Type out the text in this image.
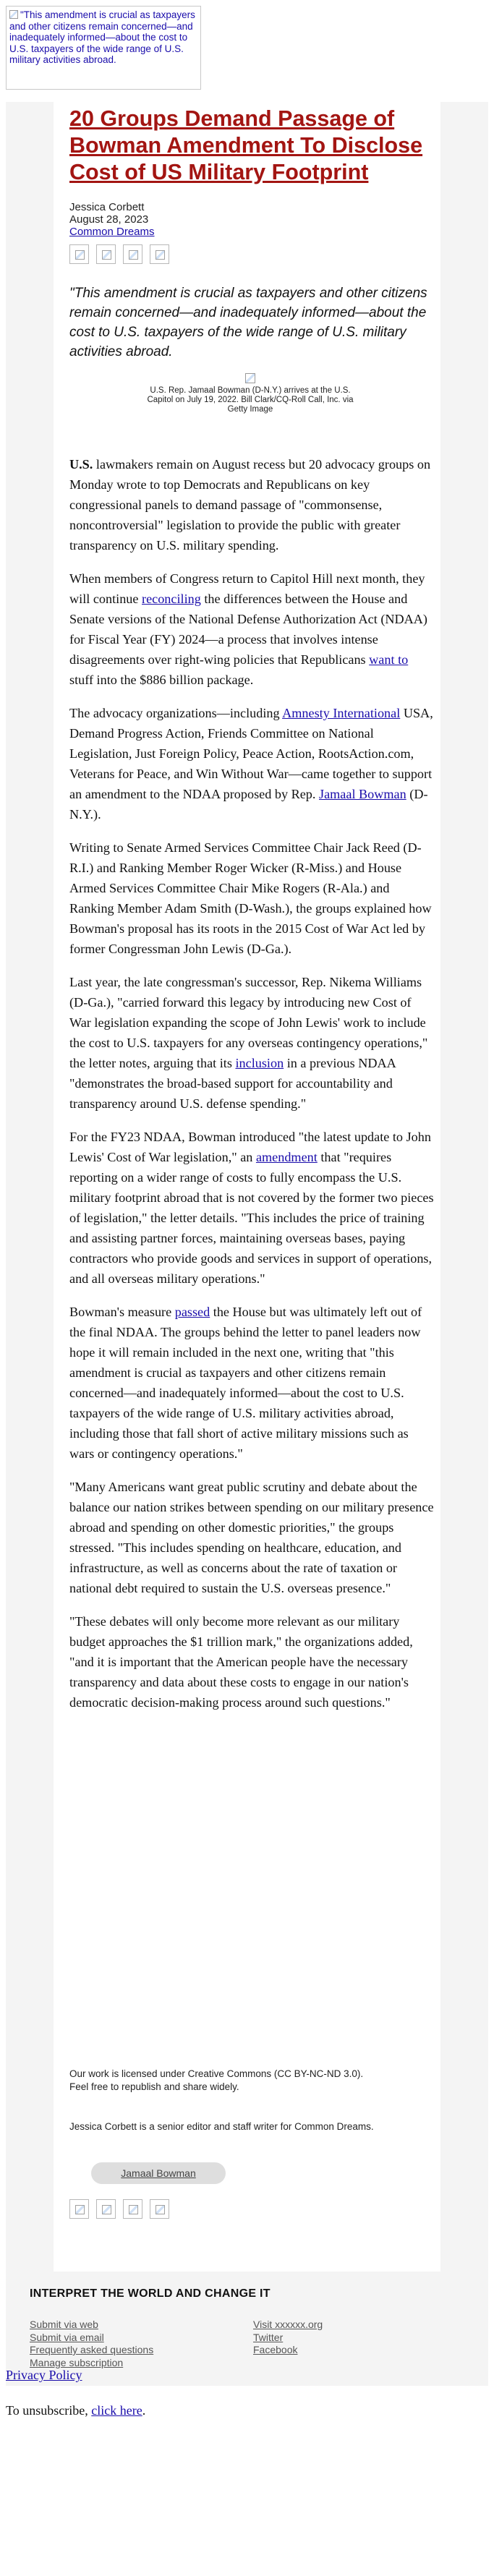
"This amendment is crucial as taxpayers and other citizens remain concerned—and inadequately informed—about the cost to U.S. taxpayers of the wide range of U.S. military activities abroad.
20 Groups Demand Passage of Bowman Amendment To Disclose Cost of US Military Footprint
Jessica Corbett
August 28, 2023
Common Dreams

"This amendment is crucial as taxpayers and other citizens remain concerned—and inadequately informed—about the cost to U.S. taxpayers of the wide range of U.S. military activities abroad.

U.S. Rep. Jamaal Bowman (D-N.Y.) arrives at the U.S. Capitol on July 19, 2022. Bill Clark/CQ-Roll Call, Inc. via Getty Image

U.S. lawmakers remain on August recess but 20 advocacy groups on Monday wrote to top Democrats and Republicans on key congressional panels to demand passage of "commonsense, noncontroversial" legislation to provide the public with greater transparency on U.S. military spending.

When members of Congress return to Capitol Hill next month, they will continue reconciling the differences between the House and Senate versions of the National Defense Authorization Act (NDAA) for Fiscal Year (FY) 2024—a process that involves intense disagreements over right-wing policies that Republicans want to stuff into the $886 billion package.

The advocacy organizations—including Amnesty International USA, Demand Progress Action, Friends Committee on National Legislation, Just Foreign Policy, Peace Action, RootsAction.com, Veterans for Peace, and Win Without War—came together to support an amendment to the NDAA proposed by Rep. Jamaal Bowman (D-N.Y.).

Writing to Senate Armed Services Committee Chair Jack Reed (D-R.I.) and Ranking Member Roger Wicker (R-Miss.) and House Armed Services Committee Chair Mike Rogers (R-Ala.) and Ranking Member Adam Smith (D-Wash.), the groups explained how Bowman's proposal has its roots in the 2015 Cost of War Act led by former Congressman John Lewis (D-Ga.).

Last year, the late congressman's successor, Rep. Nikema Williams (D-Ga.), "carried forward this legacy by introducing new Cost of War legislation expanding the scope of John Lewis' work to include the cost to U.S. taxpayers for any overseas contingency operations," the letter notes, arguing that its inclusion in a previous NDAA "demonstrates the broad-based support for accountability and transparency around U.S. defense spending."

For the FY23 NDAA, Bowman introduced "the latest update to John Lewis' Cost of War legislation," an amendment that "requires reporting on a wider range of costs to fully encompass the U.S. military footprint abroad that is not covered by the former two pieces of legislation," the letter details. "This includes the price of training and assisting partner forces, maintaining overseas bases, paying contractors who provide goods and services in support of operations, and all overseas military operations."

Bowman's measure passed the House but was ultimately left out of the final NDAA. The groups behind the letter to panel leaders now hope it will remain included in the next one, writing that "this amendment is crucial as taxpayers and other citizens remain concerned—and inadequately informed—about the cost to U.S. taxpayers of the wide range of U.S. military activities abroad, including those that fall short of active military missions such as wars or contingency operations."

"Many Americans want great public scrutiny and debate about the balance our nation strikes between spending on our military presence abroad and spending on other domestic priorities," the groups stressed. "This includes spending on healthcare, education, and infrastructure, as well as concerns about the rate of taxation or national debt required to sustain the U.S. overseas presence."

"These debates will only become more relevant as our military budget approaches the $1 trillion mark," the organizations added, "and it is important that the American people have the necessary transparency and data about these costs to engage in our nation's democratic decision-making process around such questions."

Our work is licensed under Creative Commons (CC BY-NC-ND 3.0).

Feel free to republish and share widely.

Jessica Corbett is a senior editor and staff writer for Common Dreams.

Jamaal Bowman
INTERPRET THE WORLD AND CHANGE IT
Submit via web
Submit via email
Frequently asked questions
Manage subscription
Visit xxxxxx.org
Twitter
Facebook
Privacy Policy
To unsubscribe, click here.
